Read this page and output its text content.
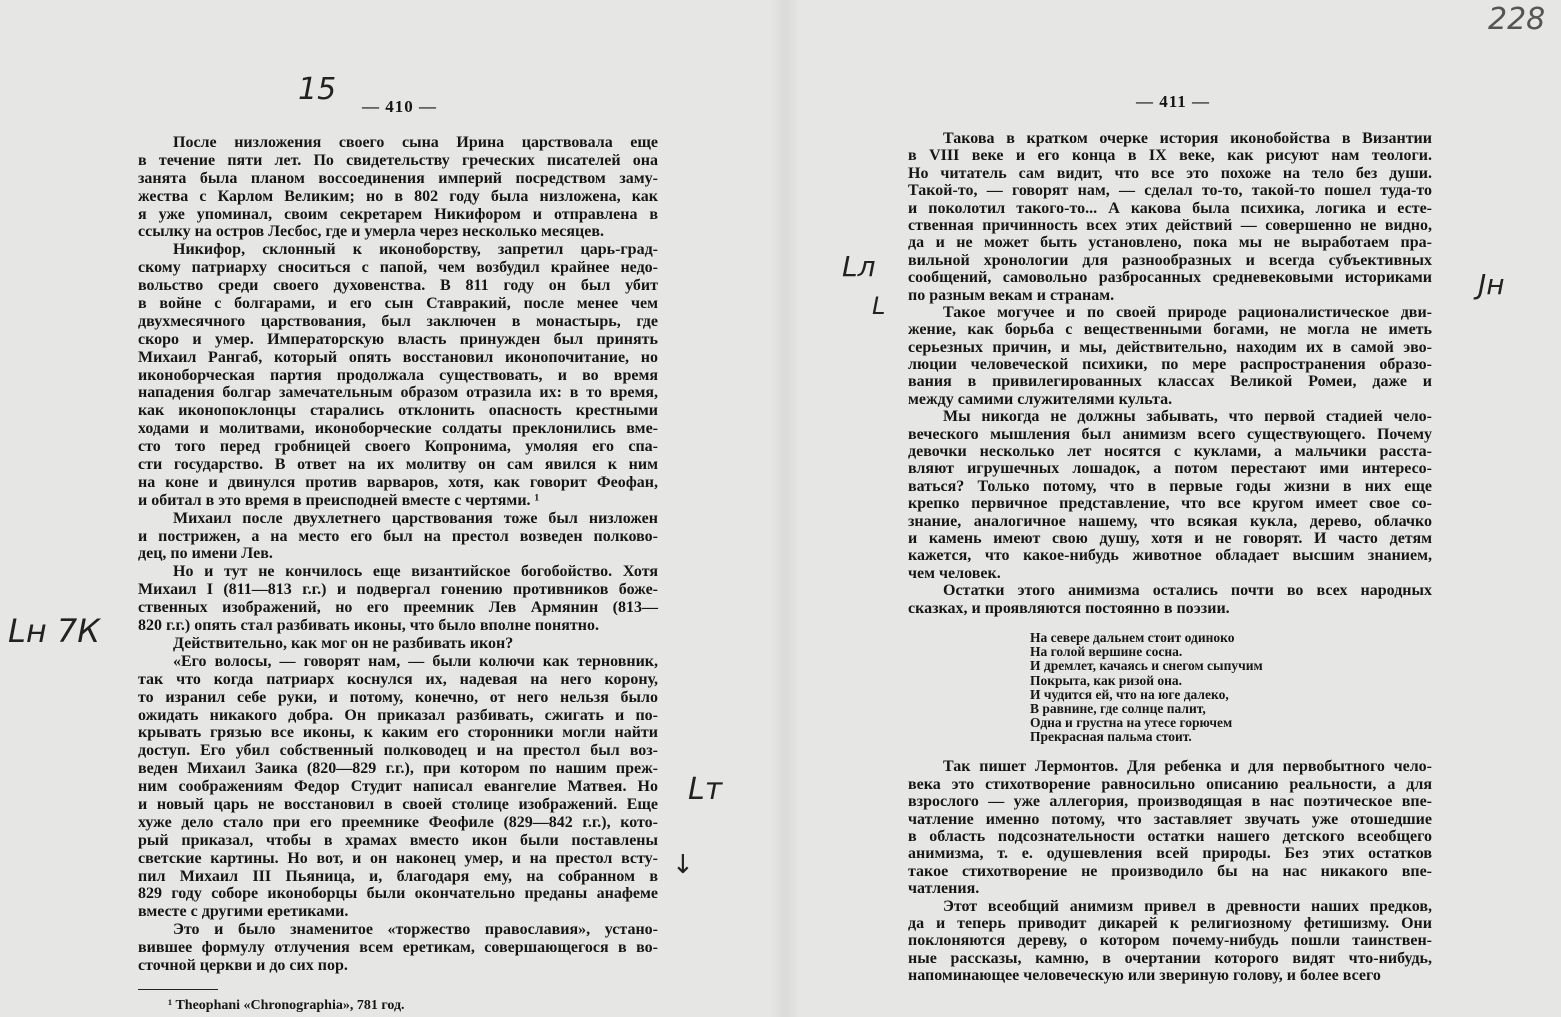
— 410 —
После низложения своего сына Ирина царствовала еще
в течение пяти лет. По свидетельству греческих писателей она
занята была планом воссоединения империй посредством заму-
жества с Карлом Великим; но в 802 году была низложена, как
я уже упоминал, своим секретарем Никифором и отправлена в
ссылку на остров Лесбос, где и умерла через несколько месяцев.
Никифор, склонный к иконоборству, запретил царь-град-
скому патриарху сноситься с папой, чем возбудил крайнее недо-
вольство среди своего духовенства. В 811 году он был убит
в войне с болгарами, и его сын Ставракий, после менее чем
двухмесячного царствования, был заключен в монастырь, где
скоро и умер. Императорскую власть принужден был принять
Михаил Рангаб, который опять восстановил иконопочитание, но
иконоборческая партия продолжала существовать, и во время
нападения болгар замечательным образом отразила их: в то время,
как иконопоклонцы старались отклонить опасность крестными
ходами и молитвами, иконоборческие солдаты преклонились вме-
сто того перед гробницей своего Копронима, умоляя его спа-
сти государство. В ответ на их молитву он сам явился к ним
на коне и двинулся против варваров, хотя, как говорит Феофан,
и обитал в это время в преисподней вместе с чертями. ¹
Михаил после двухлетнего царствования тоже был низложен
и пострижен, а на место его был на престол возведен полково-
дец, по имени Лев.
Но и тут не кончилось еще византийское богобойство. Хотя
Михаил I (811—813 г.г.) и подвергал гонению противников боже-
ственных изображений, но его преемник Лев Армянин (813—
820 г.г.) опять стал разбивать иконы, что было вполне понятно.
Действительно, как мог он не разбивать икон?
«Его волосы, — говорят нам, — были колючи как терновник,
так что когда патриарх коснулся их, надевая на него корону,
то изранил себе руки, и потому, конечно, от него нельзя было
ожидать никакого добра. Он приказал разбивать, сжигать и по-
крывать грязью все иконы, к каким его сторонники могли найти
доступ. Его убил собственный полководец и на престол был воз-
веден Михаил Заика (820—829 г.г.), при котором по нашим преж-
ним соображениям Федор Студит написал евангелие Матвея. Но
и новый царь не восстановил в своей столице изображений. Еще
хуже дело стало при его преемнике Феофиле (829—842 г.г.), кото-
рый приказал, чтобы в храмах вместо икон были поставлены
светские картины. Но вот, и он наконец умер, и на престол всту-
пил Михаил III Пьяница, и, благодаря ему, на собранном в
829 году соборе иконоборцы были окончательно преданы анафеме
вместе с другими еретиками.
Это и было знаменитое «торжество православия», устано-
вившее формулу отлучения всем еретикам, совершающегося в во-
сточной церкви и до сих пор.
¹ Theophani «Chronographia», 781 год.
— 411 —
Такова в кратком очерке история иконобойства в Византии
в VIII веке и его конца в IX веке, как рисуют нам теологи.
Но читатель сам видит, что все это похоже на тело без души.
Такой-то, — говорят нам, — сделал то-то, такой-то пошел туда-то
и поколотил такого-то... А какова была психика, логика и есте-
ственная причинность всех этих действий — совершенно не видно,
да и не может быть установлено, пока мы не выработаем пра-
вильной хронологии для разнообразных и всегда субъективных
сообщений, самовольно разбросанных средневековыми историками
по разным векам и странам.
Такое могучее и по своей природе рационалистическое дви-
жение, как борьба с вещественными богами, не могла не иметь
серьезных причин, и мы, действительно, находим их в самой эво-
люции человеческой психики, по мере распространения образо-
вания в привилегированных классах Великой Ромеи, даже и
между самими служителями культа.
Мы никогда не должны забывать, что первой стадией чело-
веческого мышления был анимизм всего существующего. Почему
девочки несколько лет носятся с куклами, а мальчики расста-
вляют игрушечных лошадок, а потом перестают ими интересо-
ваться? Только потому, что в первые годы жизни в них еще
крепко первичное представление, что все кругом имеет свое со-
знание, аналогичное нашему, что всякая кукла, дерево, облачко
и камень имеют свою душу, хотя и не говорят. И часто детям
кажется, что какое-нибудь животное обладает высшим знанием,
чем человек.
Остатки этого анимизма остались почти во всех народных
сказках, и проявляются постоянно в поэзии.
На севере дальнем стоит одиноко
На голой вершине сосна.
И дремлет, качаясь и снегом сыпучим
Покрыта, как ризой она.
И чудится ей, что на юге далеко,
В равнине, где солнце палит,
Одна и грустна на утесе горючем
Прекрасная пальма стоит.
Так пишет Лермонтов. Для ребенка и для первобытного чело-
века это стихотворение равносильно описанию реальности, а для
взрослого — уже аллегория, производящая в нас поэтическое впе-
чатление именно потому, что заставляет звучать уже отошедшие
в область подсознательности остатки нашего детского всеобщего
анимизма, т. е. одушевления всей природы. Без этих остатков
такое стихотворение не производило бы на нас никакого впе-
чатления.
Этот всеобщий анимизм привел в древности наших предков,
да и теперь приводит дикарей к религиозному фетишизму. Они
поклоняются дереву, о котором почему-нибудь пошли таинствен-
ные рассказы, камню, в очертании которого видят что-нибудь,
напоминающее человеческую или звериную голову, и более всего
15
Lн 7К
Lт
↓
Lл
L
Jн
228
